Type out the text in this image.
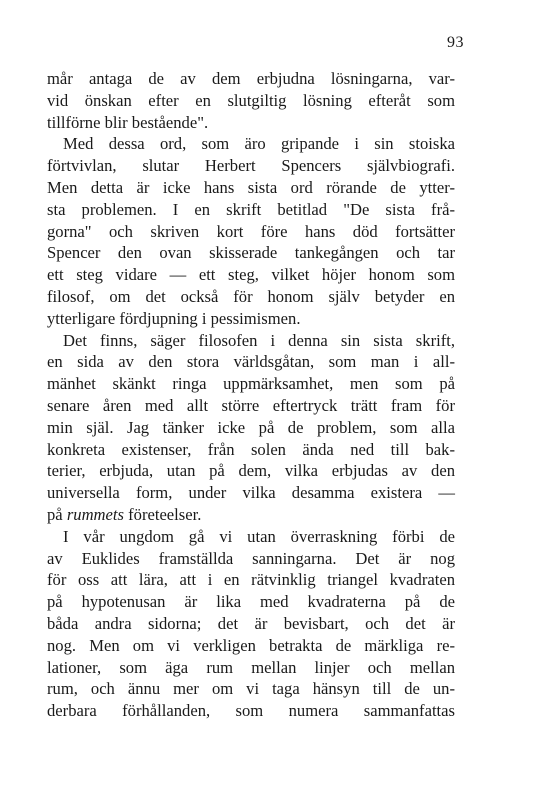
93
mår antaga de av dem erbjudna lösningarna, var-
vid önskan efter en slutgiltig lösning efteråt som
tillförne blir bestående".
Med dessa ord, som äro gripande i sin stoiska
förtvivlan, slutar Herbert Spencers självbiografi.
Men detta är icke hans sista ord rörande de ytter-
sta problemen. I en skrift betitlad "De sista frå-
gorna" och skriven kort före hans död fortsätter
Spencer den ovan skisserade tankegången och tar
ett steg vidare — ett steg, vilket höjer honom som
filosof, om det också för honom själv betyder en
ytterligare fördjupning i pessimismen.
Det finns, säger filosofen i denna sin sista skrift,
en sida av den stora världsgåtan, som man i all-
mänhet skänkt ringa uppmärksamhet, men som på
senare åren med allt större eftertryck trätt fram för
min själ. Jag tänker icke på de problem, som alla
konkreta existenser, från solen ända ned till bak-
terier, erbjuda, utan på dem, vilka erbjudas av den
universella form, under vilka desamma existera —
på rummets företeelser.
I vår ungdom gå vi utan överraskning förbi de
av Euklides framställda sanningarna. Det är nog
för oss att lära, att i en rätvinklig triangel kvadraten
på hypotenusan är lika med kvadraterna på de
båda andra sidorna; det är bevisbart, och det är
nog. Men om vi verkligen betrakta de märkliga re-
lationer, som äga rum mellan linjer och mellan
rum, och ännu mer om vi taga hänsyn till de un-
derbara förhållanden, som numera sammanfattas
